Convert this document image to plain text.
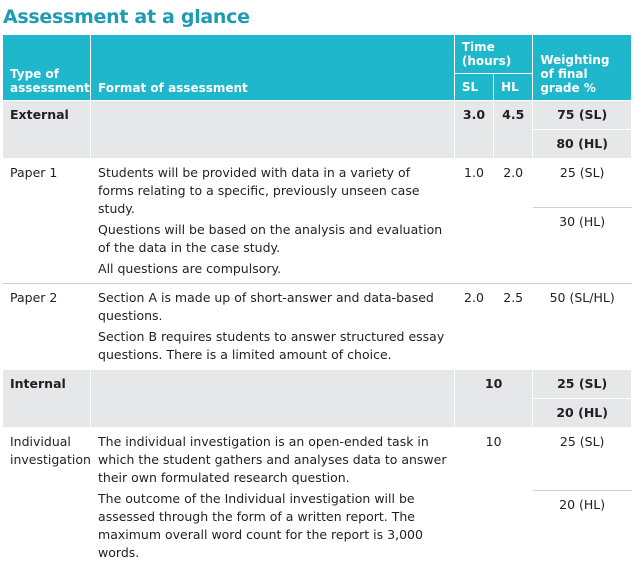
Assessment at a glance
Type of assessment	Format of assessment	Time (hours)		Weighting of final grade %
		SL	HL	
External		3.0	4.5	75 (SL)
				80 (HL)
Paper 1	Students will be provided with data in a variety of forms relating to a specific, previously unseen case study.
Questions will be based on the analysis and evaluation of the data in the case study.
All questions are compulsory.	1.0	2.0	25 (SL)
				30 (HL)
Paper 2	Section A is made up of short-answer and data-based questions.
Section B requires students to answer structured essay questions. There is a limited amount of choice.	2.0	2.5	50 (SL/HL)
Internal		10		25 (SL)
				20 (HL)
Individual investigation	The individual investigation is an open-ended task in which the student gathers and analyses data to answer their own formulated research question.
The outcome of the Individual investigation will be assessed through the form of a written report. The maximum overall word count for the report is 3,000 words.	10		25 (SL)
				20 (HL)
